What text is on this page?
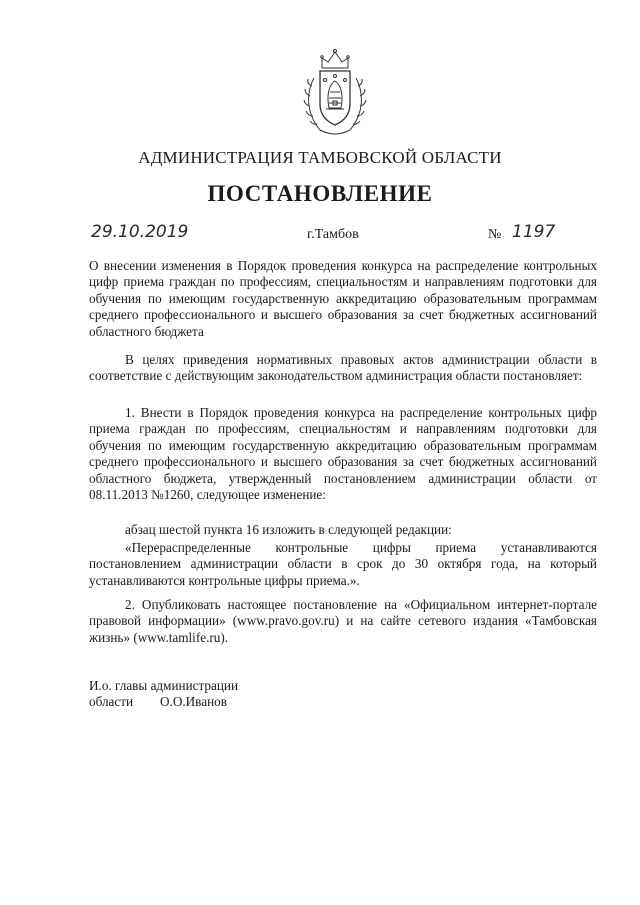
АДМИНИСТРАЦИЯ ТАМБОВСКОЙ ОБЛАСТИ
ПОСТАНОВЛЕНИЕ
29.10.2019	г.Тамбов	№ 1197

О внесении изменения в Порядок проведения конкурса на распределение контрольных цифр приема граждан по профессиям, специальностям и направлениям подготовки для обучения по имеющим государственную аккредитацию образовательным программам среднего профессионального и высшего образования за счет бюджетных ассигнований областного бюджета

В целях приведения нормативных правовых актов администрации области в соответствие с действующим законодательством администрация области постановляет:

1. Внести в Порядок проведения конкурса на распределение контрольных цифр приема граждан по профессиям, специальностям и направлениям подготовки для обучения по имеющим государственную аккредитацию образовательным программам среднего профессионального и высшего образования за счет бюджетных ассигнований областного бюджета, утвержденный постановлением администрации области от 08.11.2013 №1260, следующее изменение:

абзац шестой пункта 16 изложить в следующей редакции:

«Перераспределенные контрольные цифры приема устанавливаются постановлением администрации области в срок до 30 октября года, на который устанавливаются контрольные цифры приема.».

2. Опубликовать настоящее постановление на «Официальном интернет-портале правовой информации» (www.pravo.gov.ru) и на сайте сетевого издания «Тамбовская жизнь» (www.tamlife.ru).

И.о. главы администрации
области О.О.Иванов
